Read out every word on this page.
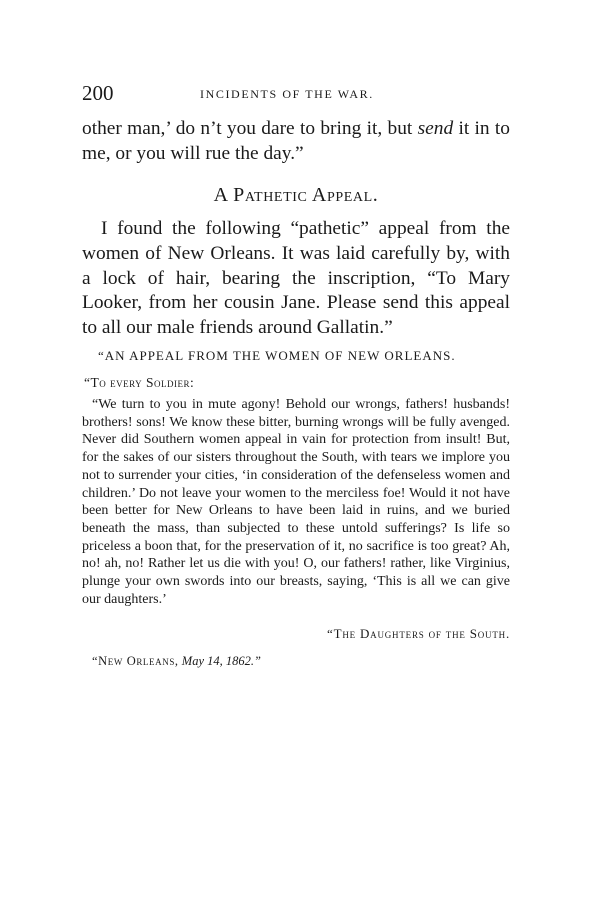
200	INCIDENTS OF THE WAR.

other man,’ do n’t you dare to bring it, but send it in to me, or you will rue the day.”

A Pathetic Appeal.

I found the following “pathetic” appeal from the women of New Orleans. It was laid carefully by, with a lock of hair, bearing the inscription, “To Mary Looker, from her cousin Jane. Please send this appeal to all our male friends around Gallatin.”

“AN APPEAL FROM THE WOMEN OF NEW ORLEANS.
“To every Soldier:

“We turn to you in mute agony! Behold our wrongs, fathers! husbands! brothers! sons! We know these bitter, burning wrongs will be fully avenged. Never did Southern women appeal in vain for protection from insult! But, for the sakes of our sisters throughout the South, with tears we implore you not to surrender your cities, ‘in consideration of the defenseless women and children.’ Do not leave your women to the merciless foe! Would it not have been better for New Orleans to have been laid in ruins, and we buried beneath the mass, than subjected to these untold sufferings? Is life so priceless a boon that, for the preservation of it, no sacrifice is too great? Ah, no! ah, no! Rather let us die with you! O, our fathers! rather, like Virginius, plunge your own swords into our breasts, saying, ‘This is all we can give our daughters.’

“The Daughters of the South.
“New Orleans, May 14, 1862.”
